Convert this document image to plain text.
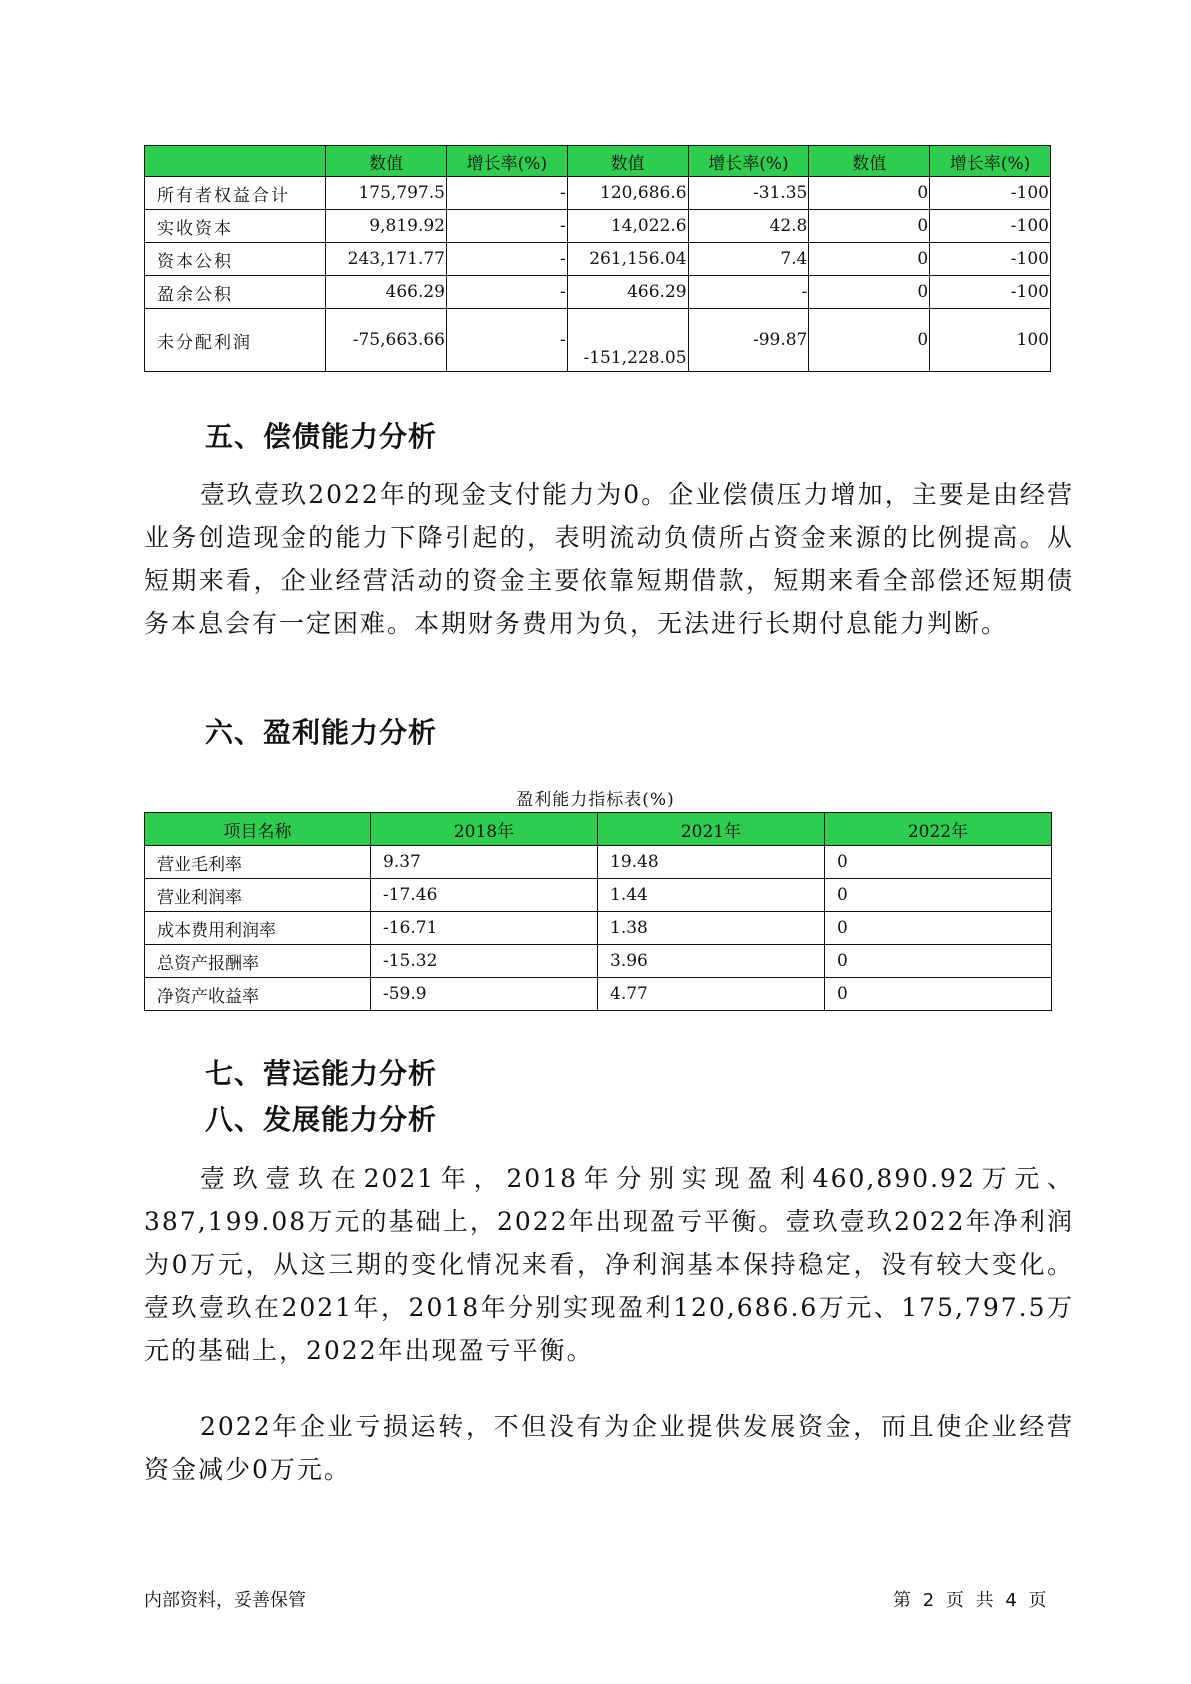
	数值	增长率(%)	数值	增长率(%)	数值	增长率(%)
所有者权益合计	175,797.5	-	120,686.6	-31.35	0	-100
实收资本	9,819.92	-	14,022.6	42.8	0	-100
资本公积	243,171.77	-	261,156.04	7.4	0	-100
盈余公积	466.29	-	466.29	-	0	-100
未分配利润	-75,663.66	-	-151,228.05	-99.87	0	100
五、偿债能力分析
壹玖壹玖2022年的现金支付能力为0。企业偿债压力增加，主要是由经营业务创造现金的能力下降引起的，表明流动负债所占资金来源的比例提高。从短期来看，企业经营活动的资金主要依靠短期借款，短期来看全部偿还短期债务本息会有一定困难。本期财务费用为负，无法进行长期付息能力判断。
六、盈利能力分析
盈利能力指标表(%)
项目名称	2018年	2021年	2022年
营业毛利率	9.37	19.48	0
营业利润率	-17.46	1.44	0
成本费用利润率	-16.71	1.38	0
总资产报酬率	-15.32	3.96	0
净资产收益率	-59.9	4.77	0
七、营运能力分析
八、发展能力分析
壹玖壹玖在2021年，2018年分别实现盈利460,890.92万元、387,199.08万元的基础上，2022年出现盈亏平衡。壹玖壹玖2022年净利润为0万元，从这三期的变化情况来看，净利润基本保持稳定，没有较大变化。壹玖壹玖在2021年，2018年分别实现盈利120,686.6万元、175,797.5万元的基础上，2022年出现盈亏平衡。
2022年企业亏损运转，不但没有为企业提供发展资金，而且使企业经营资金减少0万元。
内部资料，妥善保管	第 2 页 共 4 页
